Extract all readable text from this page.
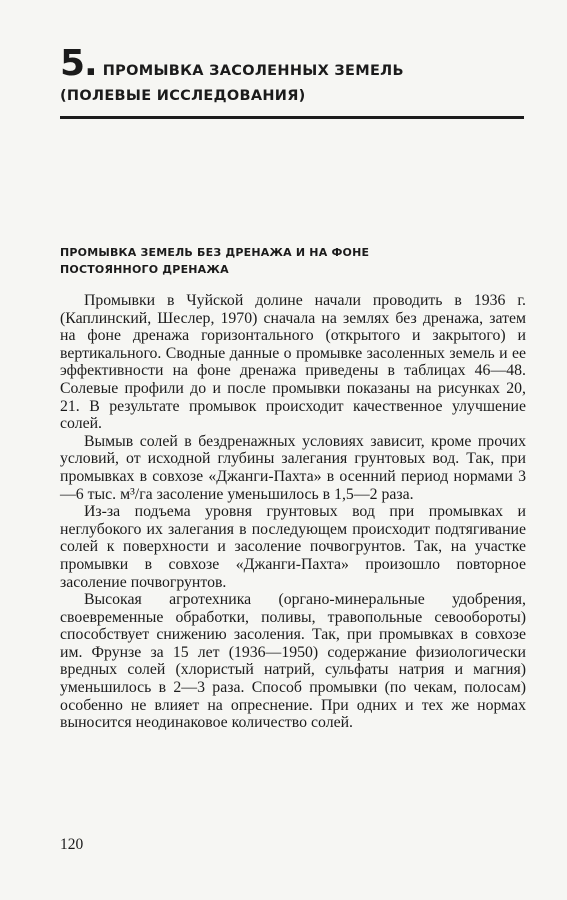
5. ПРОМЫВКА ЗАСОЛЕННЫХ ЗЕМЕЛЬ
(ПОЛЕВЫЕ ИССЛЕДОВАНИЯ)
ПРОМЫВКА ЗЕМЕЛЬ БЕЗ ДРЕНАЖА И НА ФОНЕ
ПОСТОЯННОГО ДРЕНАЖА

Промывки в Чуйской долине начали проводить в 1936 г. (Каплинский, Шеслер, 1970) сначала на землях без дренажа, затем на фоне дренажа горизонтального (открытого и закрытого) и вертикального. Сводные данные о промывке засоленных земель и ее эффективности на фоне дренажа приведены в таблицах 46—48. Солевые профили до и после промывки показаны на рисунках 20, 21. В результате промывок происходит качественное улучшение солей.

Вымыв солей в бездренажных условиях зависит, кроме прочих условий, от исходной глубины залегания грунтовых вод. Так, при промывках в совхозе «Джанги-Пахта» в осенний период нормами 3—6 тыс. м³/га засоление уменьшилось в 1,5—2 раза.

Из-за подъема уровня грунтовых вод при промывках и неглубокого их залегания в последующем происходит подтягивание солей к поверхности и засоление почвогрунтов. Так, на участке промывки в совхозе «Джанги-Пахта» произошло повторное засоление почвогрунтов.

Высокая агротехника (органо-минеральные удобрения, своевременные обработки, поливы, травопольные севообороты) способствует снижению засоления. Так, при промывках в совхозе им. Фрунзе за 15 лет (1936—1950) содержание физиологически вредных солей (хлористый натрий, сульфаты натрия и магния) уменьшилось в 2—3 раза. Способ промывки (по чекам, полосам) особенно не влияет на опреснение. При одних и тех же нормах выносится неодинаковое количество солей.

120
